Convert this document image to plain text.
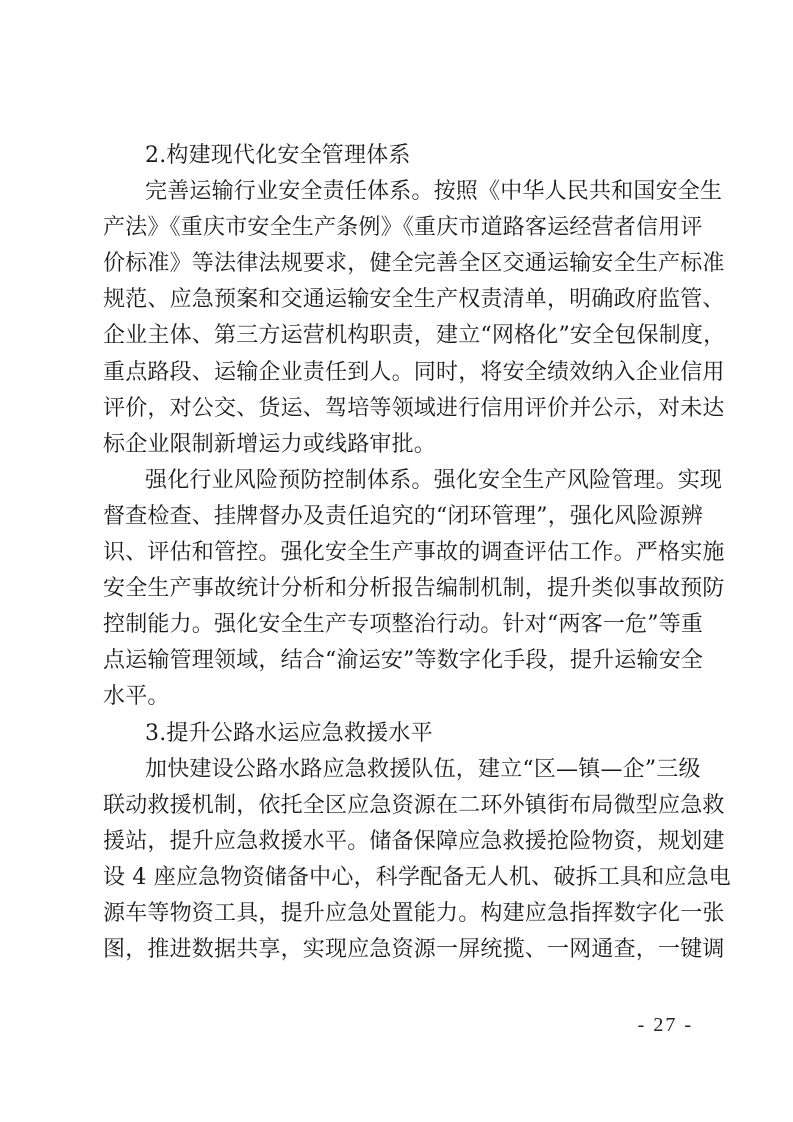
2.构建现代化安全管理体系
完善运输行业安全责任体系。按照《中华人民共和国安全生
产法》《重庆市安全生产条例》《重庆市道路客运经营者信用评
价标准》等法律法规要求，健全完善全区交通运输安全生产标准
规范、应急预案和交通运输安全生产权责清单，明确政府监管、
企业主体、第三方运营机构职责，建立“网格化”安全包保制度，
重点路段、运输企业责任到人。同时，将安全绩效纳入企业信用
评价，对公交、货运、驾培等领域进行信用评价并公示，对未达
标企业限制新增运力或线路审批。
强化行业风险预防控制体系。强化安全生产风险管理。实现
督查检查、挂牌督办及责任追究的“闭环管理”，强化风险源辨
识、评估和管控。强化安全生产事故的调查评估工作。严格实施
安全生产事故统计分析和分析报告编制机制，提升类似事故预防
控制能力。强化安全生产专项整治行动。针对“两客一危”等重
点运输管理领域，结合“渝运安”等数字化手段，提升运输安全
水平。
3.提升公路水运应急救援水平
加快建设公路水路应急救援队伍，建立“区—镇—企”三级
联动救援机制，依托全区应急资源在二环外镇街布局微型应急救
援站，提升应急救援水平。储备保障应急救援抢险物资，规划建
设 4 座应急物资储备中心，科学配备无人机、破拆工具和应急电
源车等物资工具，提升应急处置能力。构建应急指挥数字化一张
图，推进数据共享，实现应急资源一屏统揽、一网通查，一键调
- 27 -
